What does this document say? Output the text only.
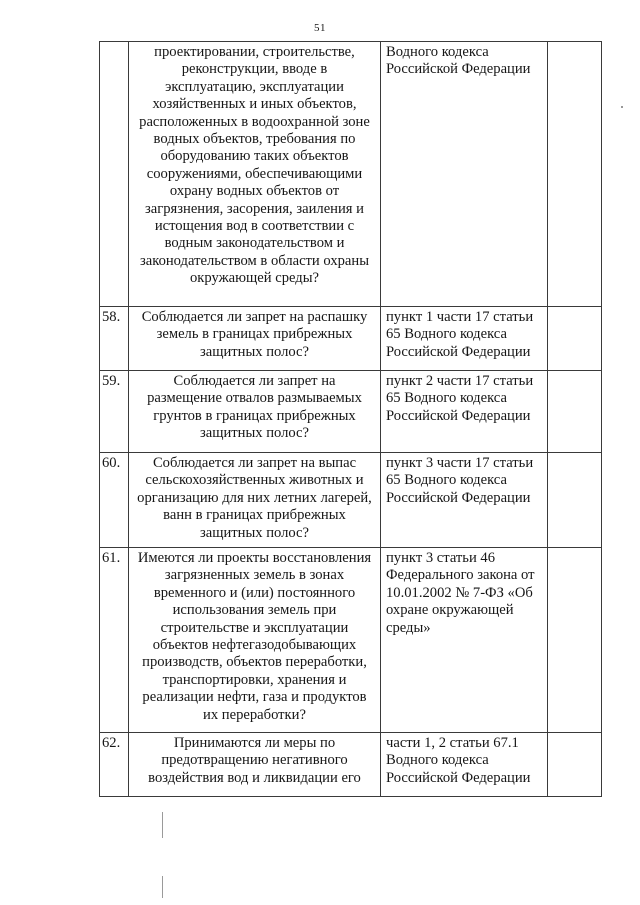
51
	проектировании, строительстве, реконструкции, вводе в эксплуатацию, эксплуатации хозяйственных и иных объектов, расположенных в водоохранной зоне водных объектов, требования по оборудованию таких объектов сооружениями, обеспечивающими охрану водных объектов от загрязнения, засорения, заиления и истощения вод в соответствии с водным законодательством и законодательством в области охраны окружающей среды?	Водного кодекса Российской Федерации	
58.	Соблюдается ли запрет на распашку земель в границах прибрежных защитных полос?	пункт 1 части 17 статьи 65 Водного кодекса Российской Федерации	
59.	Соблюдается ли запрет на размещение отвалов размываемых грунтов в границах прибрежных защитных полос?	пункт 2 части 17 статьи 65 Водного кодекса Российской Федерации	
60.	Соблюдается ли запрет на выпас сельскохозяйственных животных и организацию для них летних лагерей, ванн в границах прибрежных защитных полос?	пункт 3 части 17 статьи 65 Водного кодекса Российской Федерации	
61.	Имеются ли проекты восстановления загрязненных земель в зонах временного и (или) постоянного использования земель при строительстве и эксплуатации объектов нефтегазодобывающих производств, объектов переработки, транспортировки, хранения и реализации нефти, газа и продуктов их переработки?	пункт 3 статьи 46 Федерального закона от 10.01.2002 № 7-ФЗ «Об охране окружающей среды»	
62.	Принимаются ли меры по предотвращению негативного воздействия вод и ликвидации его	части 1, 2 статьи 67.1 Водного кодекса Российской Федерации	
